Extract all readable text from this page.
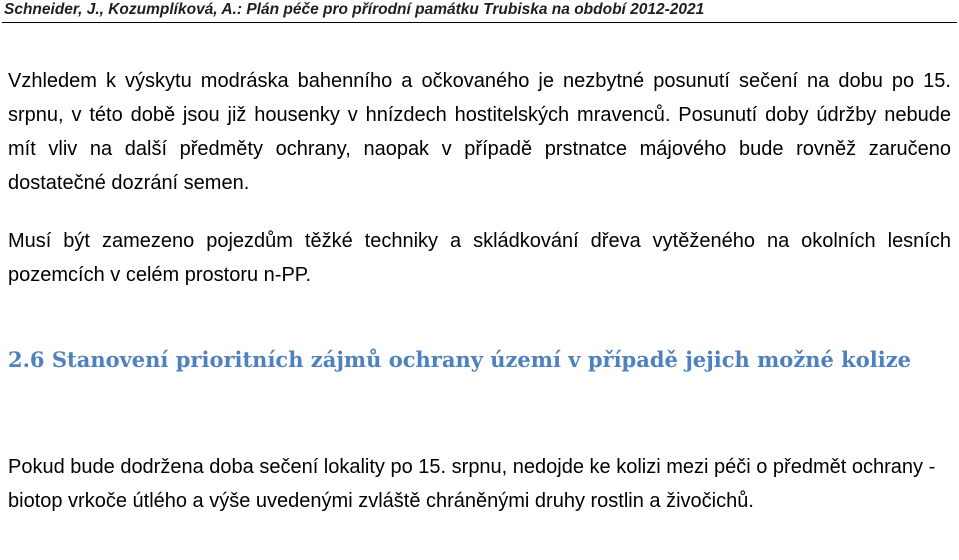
Schneider, J., Kozumplíková, A.: Plán péče pro přírodní památku Trubiska na období 2012-2021

Vzhledem k výskytu modráska bahenního a očkovaného je nezbytné posunutí sečení na dobu po 15. srpnu, v této době jsou již housenky v hnízdech hostitelských mravenců. Posunutí doby údržby nebude mít vliv na další předměty ochrany, naopak v případě prstnatce májového bude rovněž zaručeno dostatečné dozrání semen.

Musí být zamezeno pojezdům těžké techniky a skládkování dřeva vytěženého na okolních lesních pozemcích v celém prostoru n-PP.

2.6 Stanovení prioritních zájmů ochrany území v případě jejich možné kolize

Pokud bude dodržena doba sečení lokality po 15. srpnu, nedojde ke kolizi mezi péči o předmět ochrany - biotop vrkoče útlého a výše uvedenými zvláště chráněnými druhy rostlin a živočichů.
